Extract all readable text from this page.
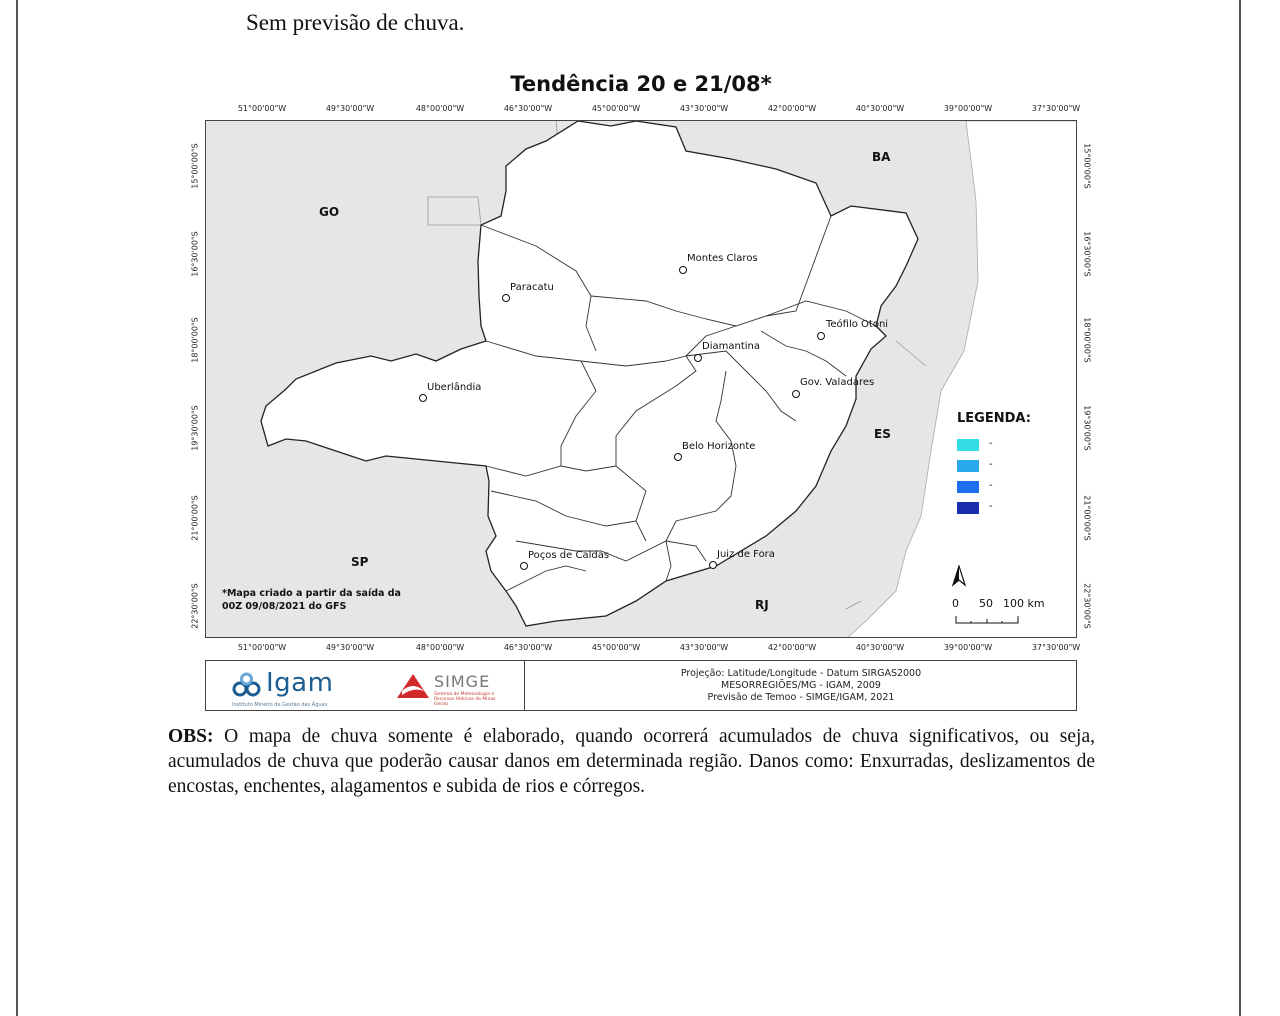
Sem previsão de chuva.
Tendência 20 e 21/08*
51°00'00"W	49°30'00"W	48°00'00"W	46°30'00"W	45°00'00"W	43°30'00"W	42°00'00"W	40°30'00"W	39°00'00"W	37°30'00"W
51°00'00"W	49°30'00"W	48°00'00"W	46°30'00"W	45°00'00"W	43°30'00"W	42°00'00"W	40°30'00"W	39°00'00"W	37°30'00"W
15°00'00"S
16°30'00"S
18°00'00"S
19°30'00"S
21°00'00"S
22°30'00"S
15°00'00"S
16°30'00"S
18°00'00"S
19°30'00"S
21°00'00"S
22°30'00"S
BA
GO
ES
SP
RJ
Montes Claros
Paracatu
Teófilo Otoni
Diamantina
Uberlândia	Gov. Valadares
Belo Horizonte
Poços de Caldas	Juiz de Fora
LEGENDA:
-
-
-
-
*Mapa criado a partir da saída da
00Z 09/08/2021 do GFS	0 50 100 km
Igam
Instituto Mineiro de Gestão das Águas
SIMGE
Sistema de Meteorologia e Recursos Hídricos de Minas Gerais
Projeção: Latitude/Longitude - Datum SIRGAS2000
MESORREGIÕES/MG - IGAM, 2009
Previsão de Temoo - SIMGE/IGAM, 2021
OBS: O mapa de chuva somente é elaborado, quando ocorrerá acumulados de chuva significativos, ou seja, acumulados de chuva que poderão causar danos em determinada região. Danos como: Enxurradas, deslizamentos de encostas, enchentes, alagamentos e subida de rios e córregos.
